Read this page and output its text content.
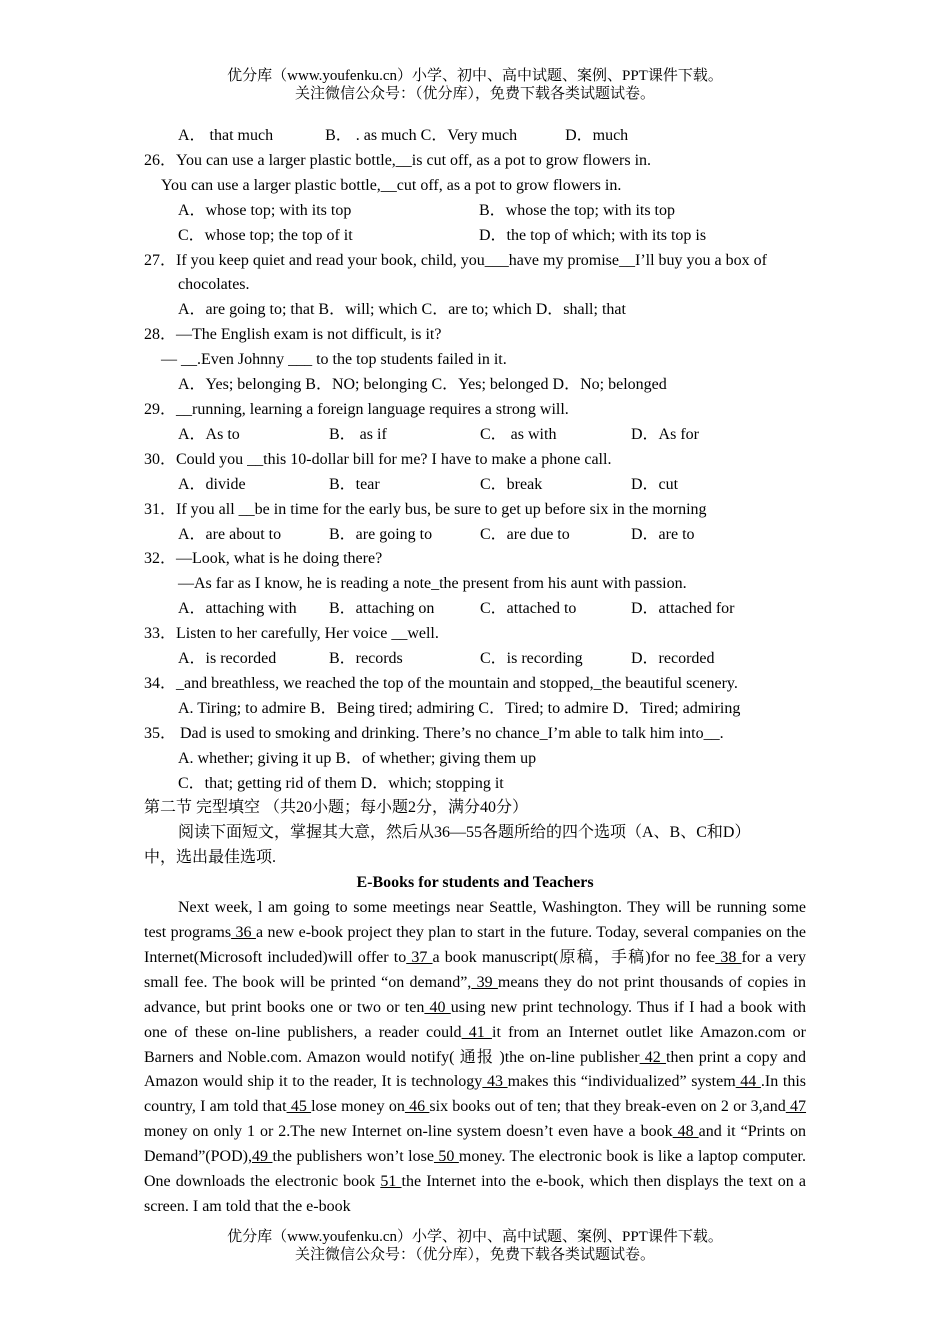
优分库（www.youfenku.cn）小学、初中、高中试题、案例、PPT课件下载。
关注微信公众号：（优分库），免费下载各类试题试卷。
A． that much　　　 B． . as much C．Very much　　　D．much
26．You can use a larger plastic bottle,__is cut off, as a pot to grow flowers in.
You can use a larger plastic bottle,__cut off, as a pot to grow flowers in.
A．whose top; with its top	B．whose the top; with its top
C．whose top; the top of it	D．the top of which; with its top is
27．If you keep quiet and read your book, child, you___have my promise__I’ll buy you a box of
chocolates.
A．are going to; that B．will; which C．are to; which D．shall; that
28．—The English exam is not difficult, is it?
— __.Even Johnny ___ to the top students failed in it.
A．Yes; belonging B．NO; belonging C．Yes; belonged D．No; belonged
29．__running, learning a foreign language requires a strong will.
A．As to	B． as if	C． as with	D．As for
30．Could you __this 10-dollar bill for me? I have to make a phone call.
A．divide	B．tear	C．break	D．cut
31．If you all __be in time for the early bus, be sure to get up before six in the morning
A．are about to	B．are going to	C．are due to	D．are to
32．—Look, what is he doing there?
—As far as I know, he is reading a note_the present from his aunt with passion.
A．attaching with	B．attaching on	C．attached to	D．attached for
33．Listen to her carefully, Her voice __well.
A．is recorded	B．records	C．is recording	D．recorded
34．_and breathless, we reached the top of the mountain and stopped,_the beautiful scenery.
A. Tiring; to admire B．Being tired; admiring C．Tired; to admire D．Tired; admiring
35． Dad is used to smoking and drinking. There’s no chance_I’m able to talk him into__.
A. whether; giving it up B．of whether; giving them up
C．that; getting rid of them D．which; stopping it
第二节 完型填空 （共20小题；每小题2分，满分40分）
阅读下面短文，掌握其大意，然后从36—55各题所给的四个选项（A、B、C和D）
中，选出最佳选项.
E-Books for students and Teachers

Next week, l am going to some meetings near Seattle, Washington. They will be running some test programs 36 a new e-book project they plan to start in the future. Today, several companies on the Internet(Microsoft included)will offer to 37 a book manuscript(原稿，手稿)for no fee 38 for a very small fee. The book will be printed “on demand”, 39 means they do not print thousands of copies in advance, but print books one or two or ten 40 using new print technology. Thus if I had a book with one of these on-line publishers, a reader could 41 it from an Internet outlet like Amazon.com or Barners and Noble.com. Amazon would notify( 通报 )the on-line publisher 42 then print a copy and Amazon would ship it to the reader, It is technology 43 makes this “individualized” system 44 .In this country, I am told that 45 lose money on 46 six books out of ten; that they break-even on 2 or 3,and 47 money on only 1 or 2.The new Internet on-line system doesn’t even have a book 48 and it “Prints on Demand”(POD),49 the publishers won’t lose 50 money. The electronic book is like a laptop computer. One downloads the electronic book 51 the Internet into the e-book, which then displays the text on a screen. I am told that the e-book

优分库（www.youfenku.cn）小学、初中、高中试题、案例、PPT课件下载。
关注微信公众号：（优分库），免费下载各类试题试卷。
